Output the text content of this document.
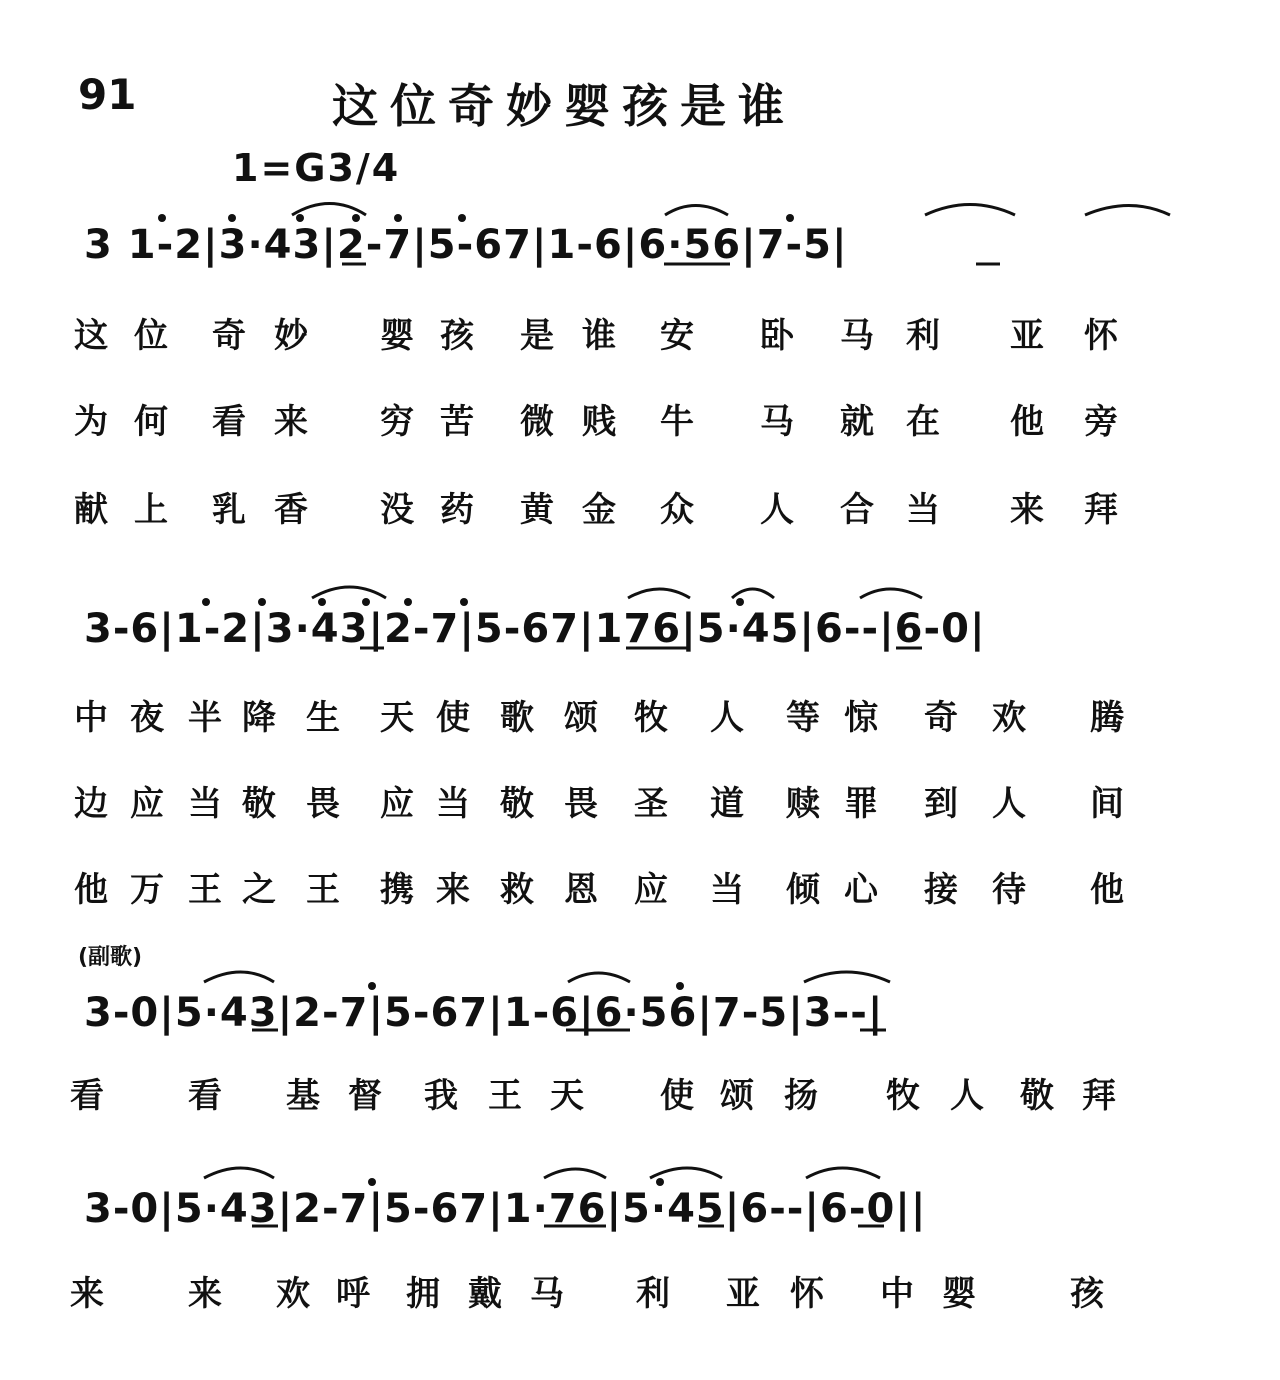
91	这位奇妙婴孩是谁
1=G3/4
3 1-2|3·43|2-7|5-67|1-6|6·56|7-5|
这 位 奇 妙 婴 孩 是 谁 安 卧 马 利 亚 怀
为 何 看 来 穷 苦 微 贱 牛 马 就 在 他 旁
献 上 乳 香 没 药 黄 金 众 人 合 当 来 拜
3-6|1-2|3·43|2-7|5-67|176|5·45|6--|6-0|
中 夜 半 降 生 天 使 歌 颂 牧 人 等 惊 奇 欢 腾
边 应 当 敬 畏 应 当 敬 畏 圣 道 赎 罪 到 人 间
他 万 王 之 王 携 来 救 恩 应 当 倾 心 接 待 他
(副歌)
3-0|5·43|2-7|5-67|1-6|6·56|7-5|3--|
看 看 基 督 我 王 天 使 颂 扬 牧 人 敬 拜
3-0|5·43|2-7|5-67|1·76|5·45|6--|6-0||
来 来 欢 呼 拥 戴 马 利 亚 怀 中 婴	孩
